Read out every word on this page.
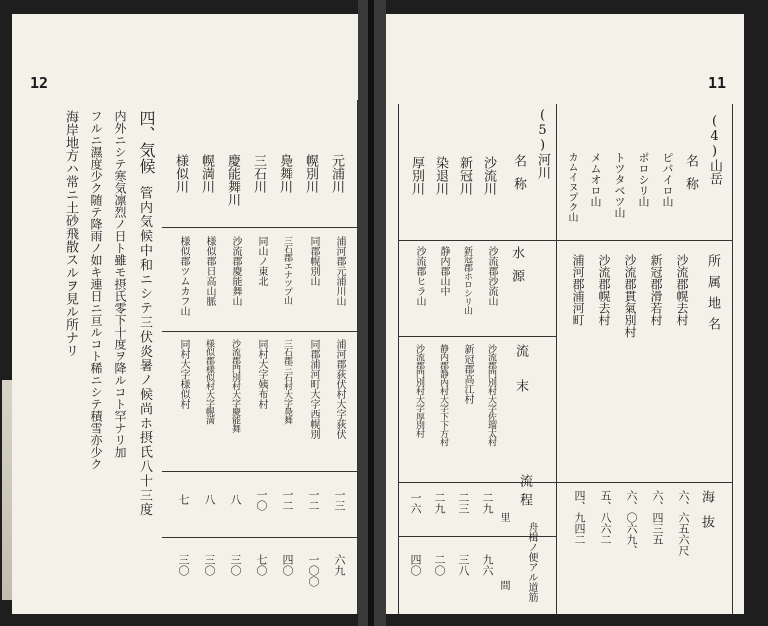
12
元浦川
浦河郡元浦川山
浦河郡荻伏村大字荻伏
一三
六九
幌別川
同郡幌別山
同郡浦河町大字西幌別
一二
一〇〇
鳧舞川
三石郡エナツプ山
三石郡三石村大字鳧舞
一二
四〇
三石川
同山ノ東北
同村大字姨布村
一〇
七〇
慶能舞川
沙流郡慶能舞山
沙流郡門別村大字慶能舞
八
三〇
幌満川
様似郡日高山脈
様似郡様似村大字幌満
八
三〇
様似川
様似郡ツムカフ山
同村大字様似村
七
三〇
四、気候
管内気候中和ニシテ三伏炎暑ノ候尚ホ摂氏八十三度
内外ニシテ寒気凛烈ノ日ト雖モ摂氏零下十度ヲ降ルコト罕ナリ加
フルニ濕度少ク随テ降雨ノ如キ連日ニ亘ルコト稀ニシテ積雪亦少ク
海岸地方ハ常ニ土砂飛散スルヲ見ル所ナリ
11
(4)山岳
名称
所属地名
海抜
ピパイロ山
沙流郡幌去村
六、六五六尺
ポロシリ山
新冠郡滑若村
六、四三五
トツタベツ山
沙流郡貫氣別村
六、〇六九、
メムオロ山
沙流郡幌去村
五、八六二
カムイヌプク山
浦河郡浦河町
四、九四二
(5)河川
名称
水源
流末
流程
里
舟楫ノ便アル道筋
間
沙流川
沙流郡沙流山
沙流郡門別村大字佐瑠太村
二九
九六
新冠川
新冠郡ホロシリ山
新冠郡高江村
二三
三八
染退川
静内郡山中
静内郡静内村大字下下方村
二九
二〇
厚別川
沙流郡ヒラ山
沙流郡門別村大字厚別村
一六
四〇
